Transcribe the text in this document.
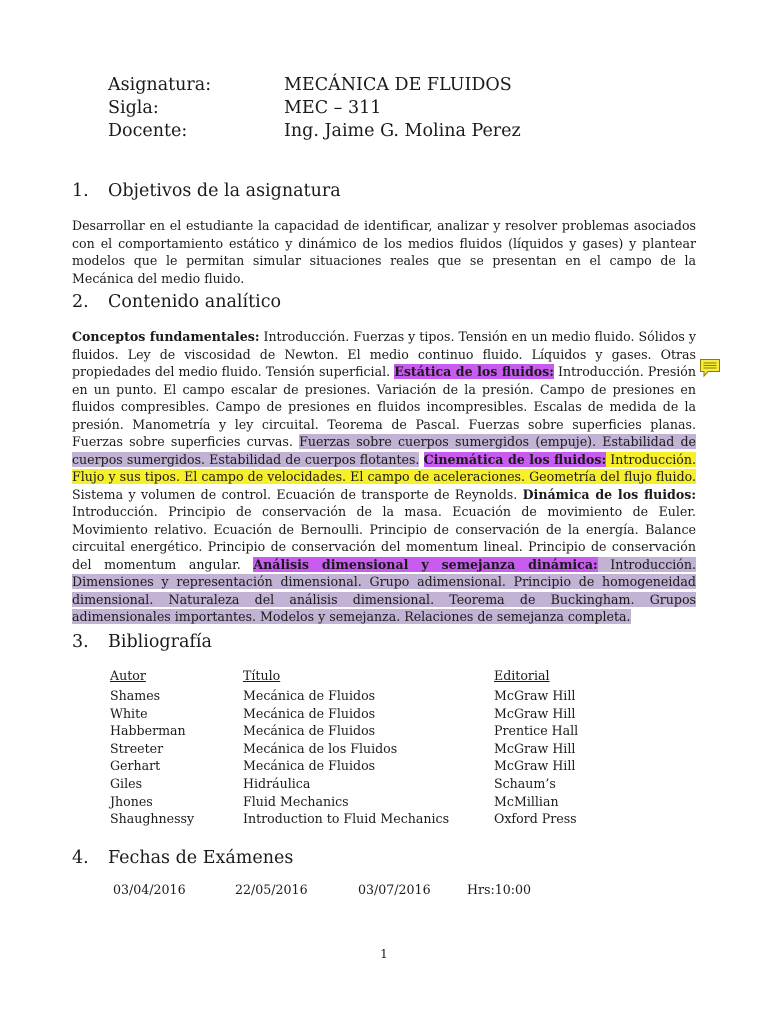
Asignatura:	MECÁNICA DE FLUIDOS
Sigla:	MEC – 311
Docente:	Ing. Jaime G. Molina Perez
1.	Objetivos de la asignatura
Desarrollar en el estudiante la capacidad de identificar, analizar y resolver problemas asociados con el comportamiento estático y dinámico de los medios fluidos (líquidos y gases) y plantear modelos que le permitan simular situaciones reales que se presentan en el campo de la Mecánica del medio fluido.
2.	Contenido analítico
Conceptos fundamentales: Introducción. Fuerzas y tipos. Tensión en un medio fluido. Sólidos y fluidos. Ley de viscosidad de Newton. El medio continuo fluido. Líquidos y gases. Otras propiedades del medio fluido. Tensión superficial. Estática de los fluidos: Introducción. Presión en un punto. El campo escalar de presiones. Variación de la presión. Campo de presiones en fluidos compresibles. Campo de presiones en fluidos incompresibles. Escalas de medida de la presión. Manometría y ley circuital. Teorema de Pascal. Fuerzas sobre superficies planas. Fuerzas sobre superficies curvas. Fuerzas sobre cuerpos sumergidos (empuje). Estabilidad de cuerpos sumergidos. Estabilidad de cuerpos flotantes. Cinemática de los fluidos: Introducción. Flujo y sus tipos. El campo de velocidades. El campo de aceleraciones. Geometría del flujo fluido. Sistema y volumen de control. Ecuación de transporte de Reynolds. Dinámica de los fluidos: Introducción. Principio de conservación de la masa. Ecuación de movimiento de Euler. Movimiento relativo. Ecuación de Bernoulli. Principio de conservación de la energía. Balance circuital energético. Principio de conservación del momentum lineal. Principio de conservación del momentum angular. Análisis dimensional y semejanza dinámica: Introducción. Dimensiones y representación dimensional. Grupo adimensional. Principio de homogeneidad dimensional. Naturaleza del análisis dimensional. Teorema de Buckingham. Grupos adimensionales importantes. Modelos y semejanza. Relaciones de semejanza completa.
3.	Bibliografía
Autor	Título	Editorial
Shames	Mecánica de Fluidos	McGraw Hill
White	Mecánica de Fluidos	McGraw Hill
Habberman	Mecánica de Fluidos	Prentice Hall
Streeter	Mecánica de los Fluidos	McGraw Hill
Gerhart	Mecánica de Fluidos	McGraw Hill
Giles	Hidráulica	Schaum’s
Jhones	Fluid Mechanics	McMillian
Shaughnessy	Introduction to Fluid Mechanics	Oxford Press
4.	Fechas de Exámenes
03/04/2016	22/05/2016	03/07/2016	Hrs:10:00
1
